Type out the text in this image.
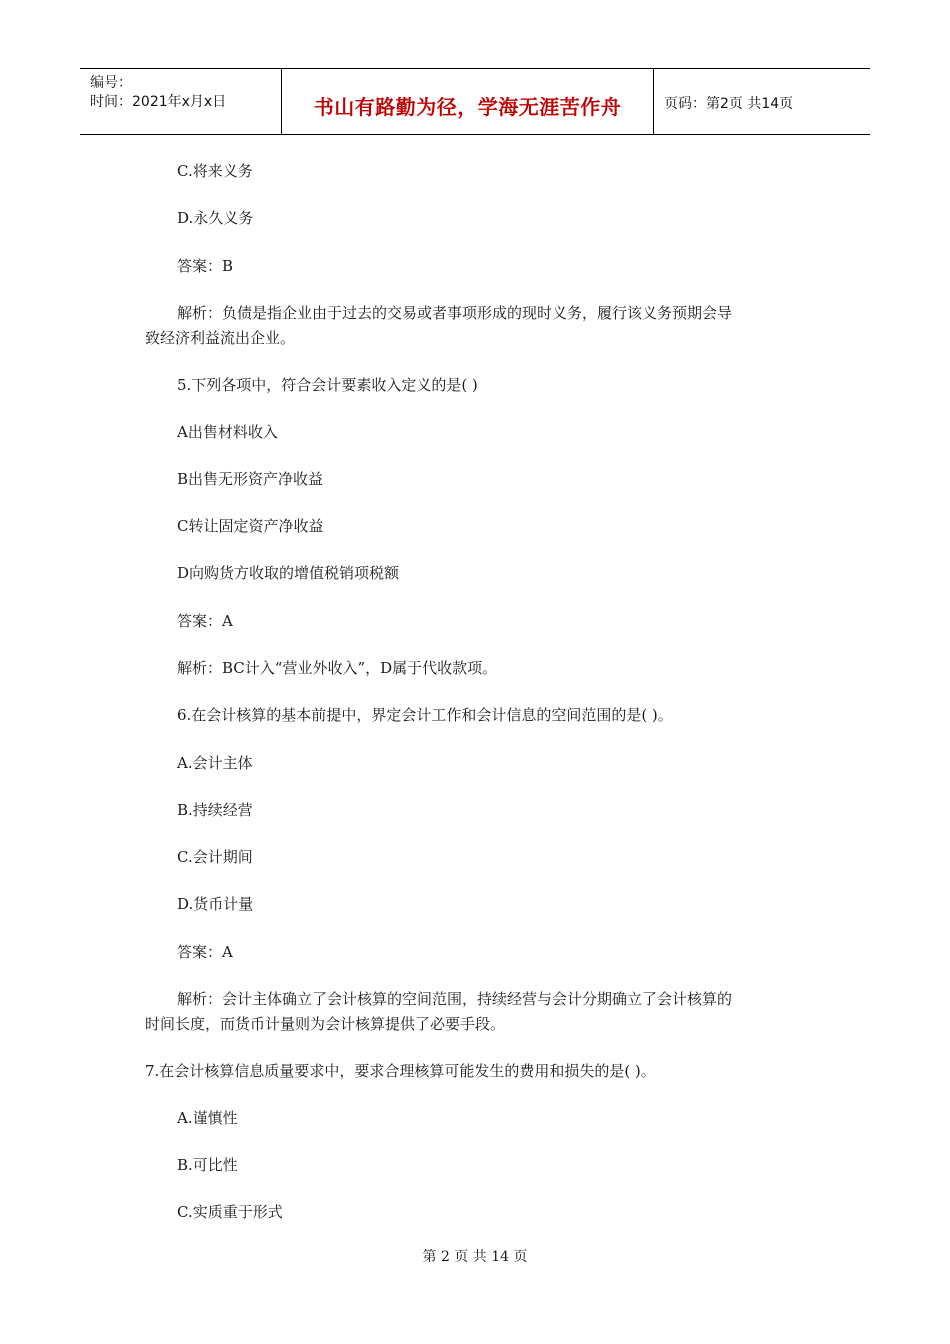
编号：
时间：2021年x月x日	书山有路勤为径，学海无涯苦作舟	页码：第2页 共14页
C.将来义务
D.永久义务
答案：B
解析：负债是指企业由于过去的交易或者事项形成的现时义务，履行该义务预期会导
致经济利益流出企业。
5.下列各项中，符合会计要素收入定义的是( )
A出售材料收入
B出售无形资产净收益
C转让固定资产净收益
D向购货方收取的增值税销项税额
答案：A
解析：BC计入“营业外收入”，D属于代收款项。
6.在会计核算的基本前提中，界定会计工作和会计信息的空间范围的是( )。
A.会计主体
B.持续经营
C.会计期间
D.货币计量
答案：A
解析：会计主体确立了会计核算的空间范围，持续经营与会计分期确立了会计核算的
时间长度，而货币计量则为会计核算提供了必要手段。
7.在会计核算信息质量要求中，要求合理核算可能发生的费用和损失的是( )。
A.谨慎性
B.可比性
C.实质重于形式
第 2 页 共 14 页
